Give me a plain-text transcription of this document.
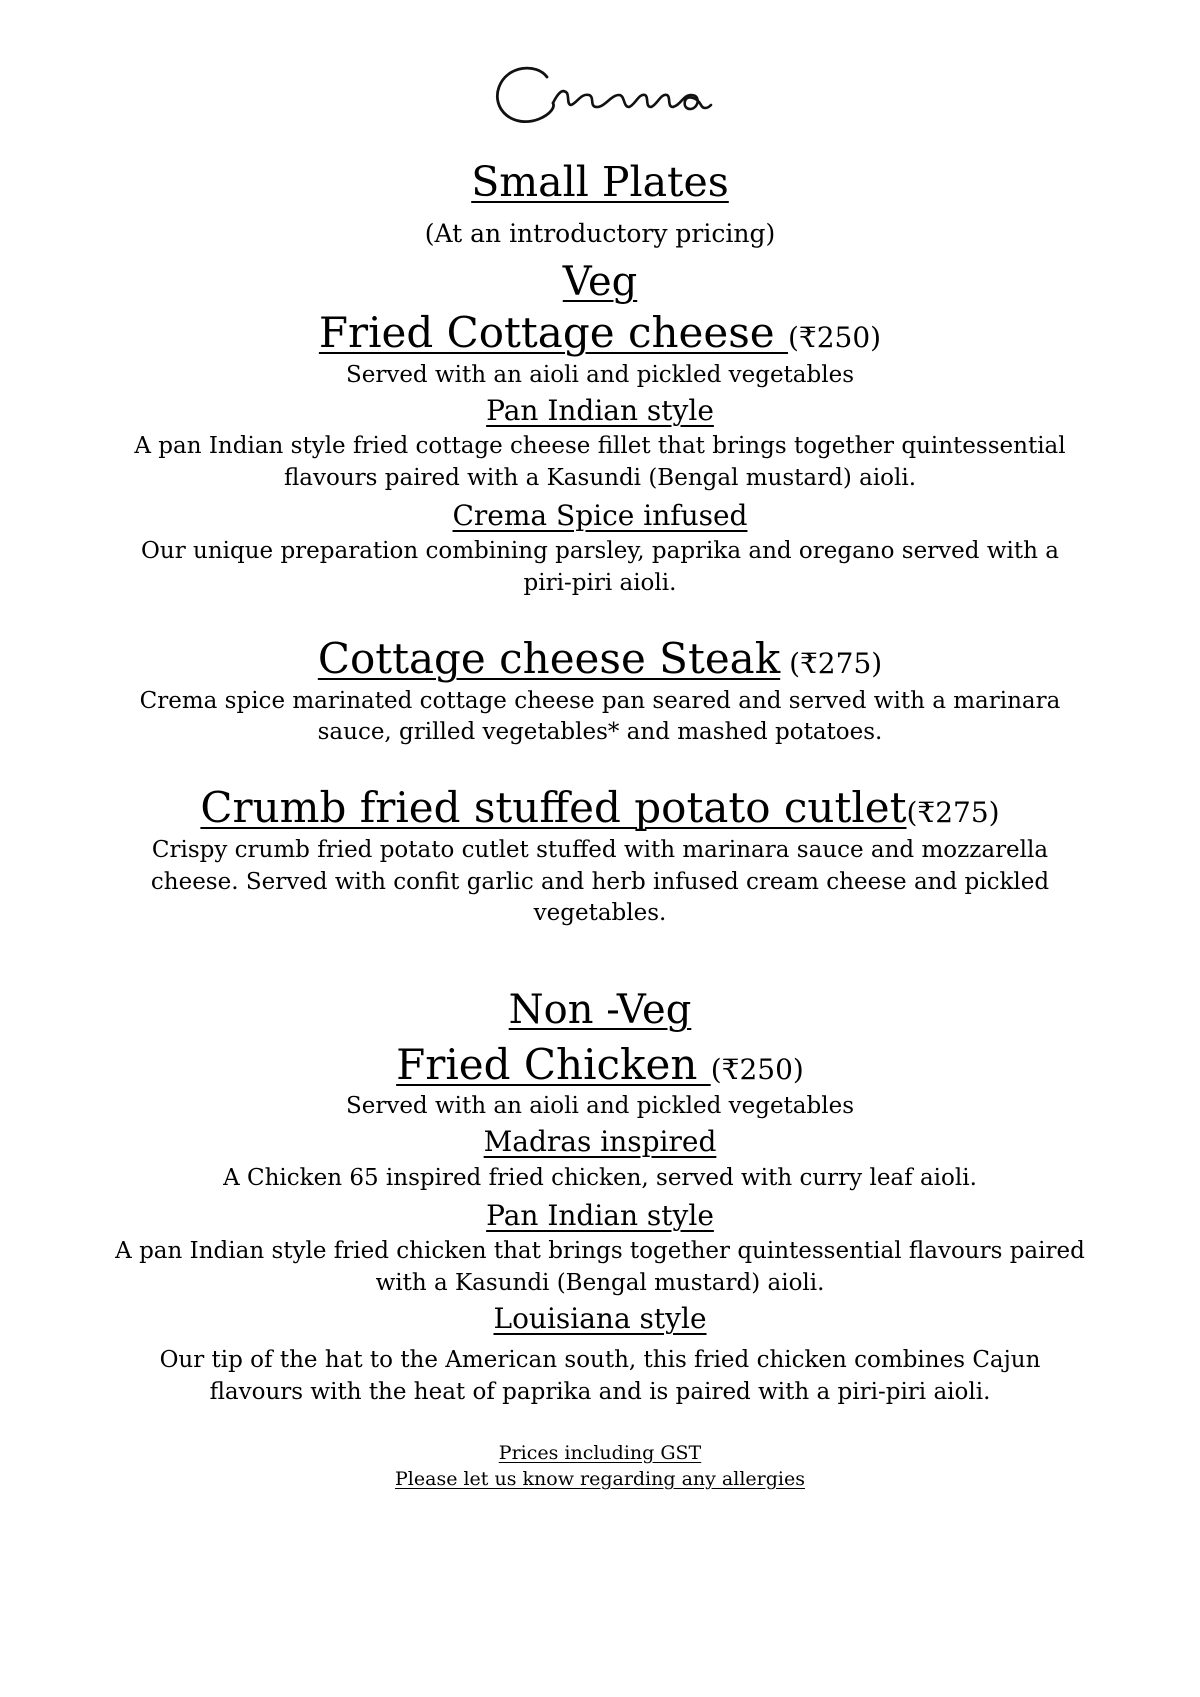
Small Plates
(At an introductory pricing)
Veg
Fried Cottage cheese (₹250)
Served with an aioli and pickled vegetables
Pan Indian style
A pan Indian style fried cottage cheese fillet that brings together quintessential
flavours paired with a Kasundi (Bengal mustard) aioli.
Crema Spice infused
Our unique preparation combining parsley, paprika and oregano served with a
piri-piri aioli.
Cottage cheese Steak (₹275)
Crema spice marinated cottage cheese pan seared and served with a marinara
sauce, grilled vegetables* and mashed potatoes.
Crumb fried stuffed potato cutlet(₹275)
Crispy crumb fried potato cutlet stuffed with marinara sauce and mozzarella
cheese. Served with confit garlic and herb infused cream cheese and pickled
vegetables.
Non -Veg
Fried Chicken (₹250)
Served with an aioli and pickled vegetables
Madras inspired
A Chicken 65 inspired fried chicken, served with curry leaf aioli.
Pan Indian style
A pan Indian style fried chicken that brings together quintessential flavours paired
with a Kasundi (Bengal mustard) aioli.
Louisiana style
Our tip of the hat to the American south, this fried chicken combines Cajun
flavours with the heat of paprika and is paired with a piri-piri aioli.
Prices including GST
Please let us know regarding any allergies
